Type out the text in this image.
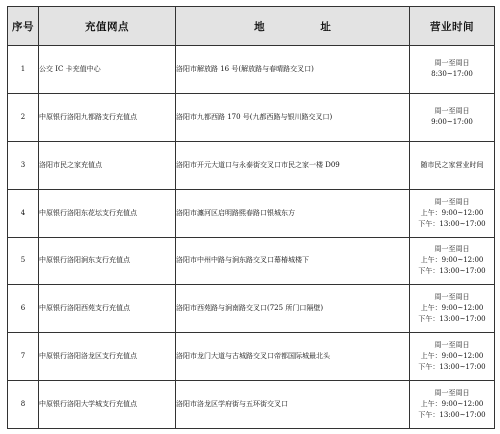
序号	充值网点	地 址	营业时间
1	公交 IC 卡充值中心	洛阳市解放路 16 号(解放路与春晴路交叉口)	周一至周日
8:30~17:00

2	中原银行洛阳九都路支行充值点	洛阳市九都西路 170 号(九都西路与银川路交叉口)	周一至周日
9:00~17:00

3	洛阳市民之家充值点	洛阳市开元大道口与永泰街交叉口市民之家一楼 D09	随市民之家营业时间

4	中原银行洛阳东花坛支行充值点	洛阳市瀍河区启明路熙春路口银城东方	周一至周日
上午：9:00~12:00
下午：13:00~17:00

5	中原银行洛阳涧东支行充值点	洛阳市中州中路与涧东路交叉口幕椿城楼下	周一至周日
上午：9:00~12:00
下午：13:00~17:00

6	中原银行洛阳西苑支行充值点	洛阳市西苑路与涧南路交叉口(725 所门口隔壁)	周一至周日
上午：9:00~12:00
下午：13:00~17:00

7	中原银行洛阳洛龙区支行充值点	洛阳市龙门大道与古城路交叉口帝都国际城最北头	周一至周日
上午：9:00~12:00
下午：13:00~17:00

8	中原银行洛阳大学城支行充值点	洛阳市洛龙区学府街与五环街交叉口	周一至周日
上午：9:00~12:00
下午：13:00~17:00
